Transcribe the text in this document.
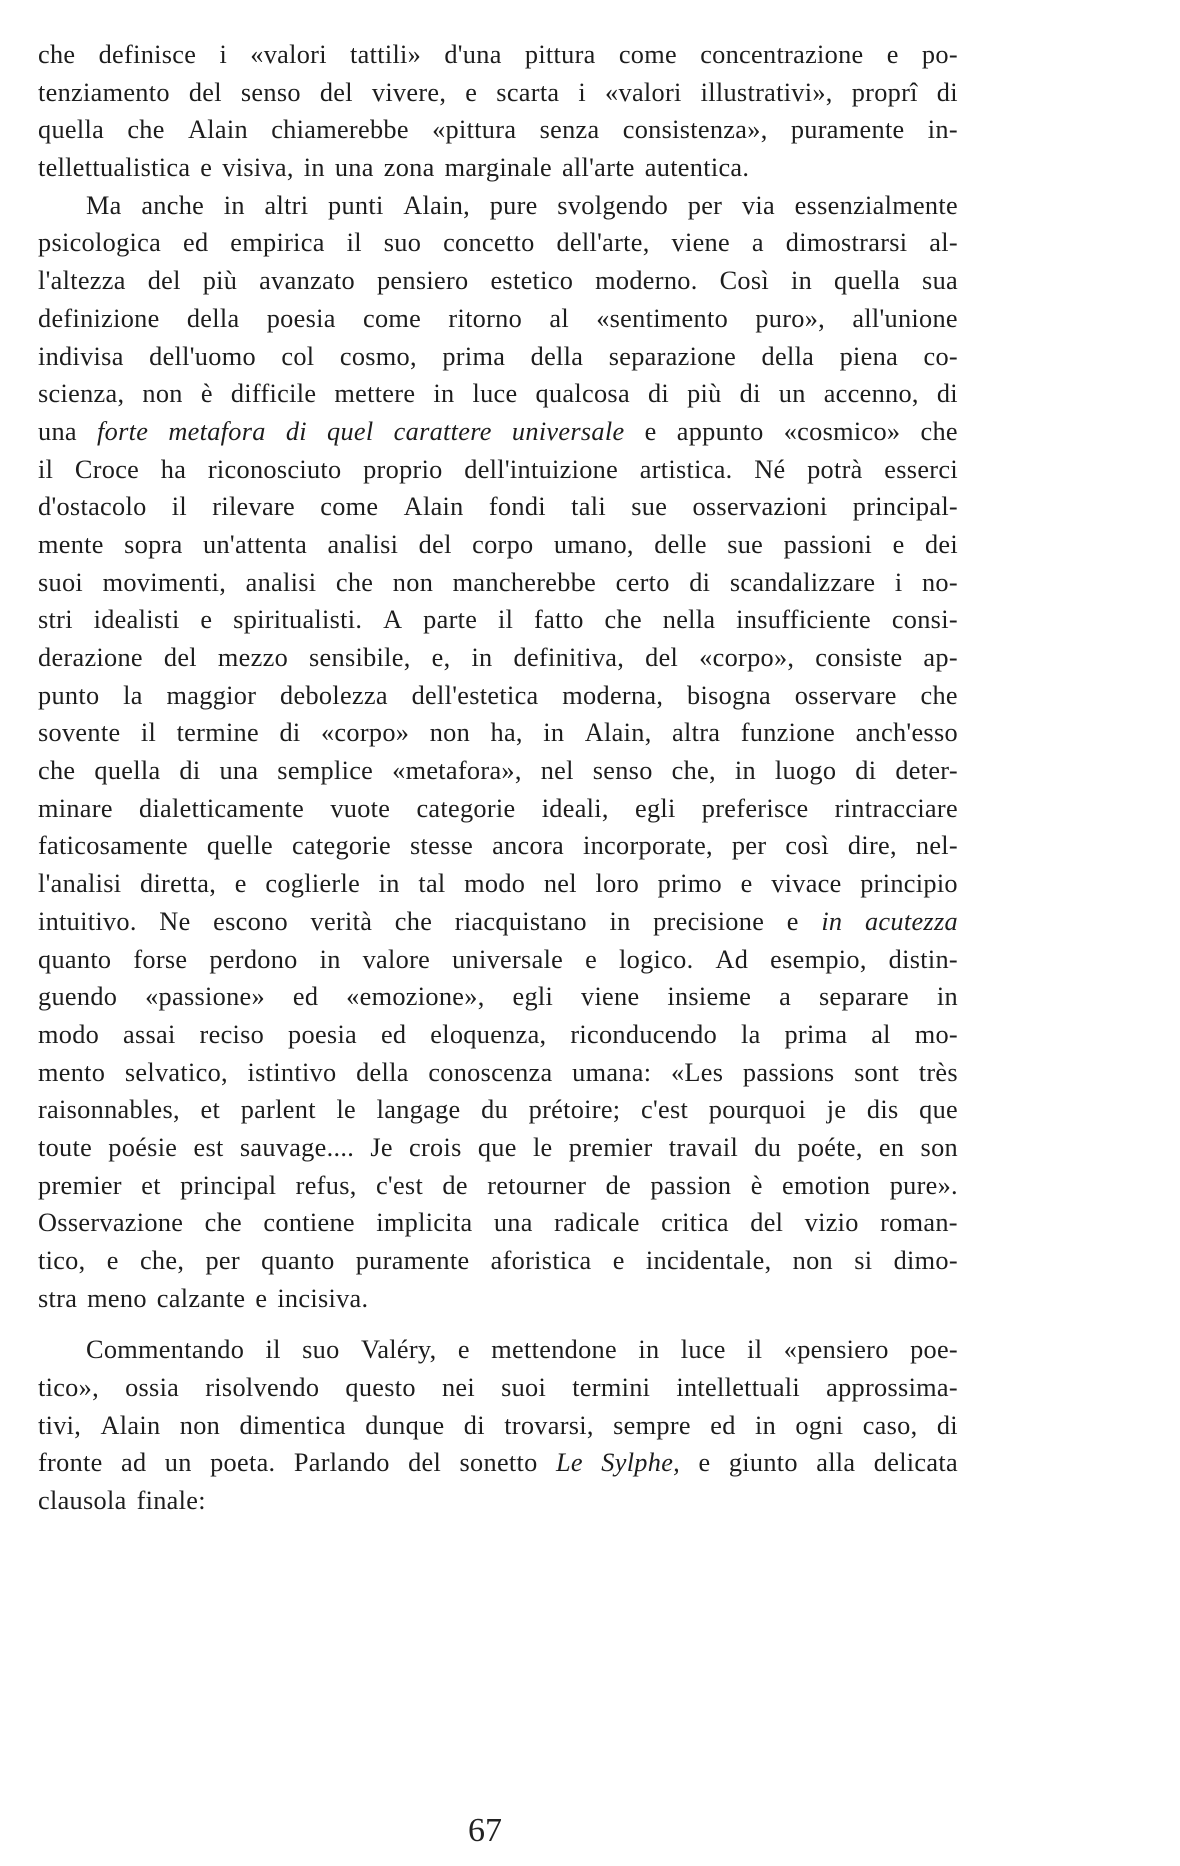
che definisce i «valori tattili» d'una pittura come concentrazione e po-
tenziamento del senso del vivere, e scarta i «valori illustrativi», proprî di
quella che Alain chiamerebbe «pittura senza consistenza», puramente in-
tellettualistica e visiva, in una zona marginale all'arte autentica.
Ma anche in altri punti Alain, pure svolgendo per via essenzialmente
psicologica ed empirica il suo concetto dell'arte, viene a dimostrarsi al-
l'altezza del più avanzato pensiero estetico moderno. Così in quella sua
definizione della poesia come ritorno al «sentimento puro», all'unione
indivisa dell'uomo col cosmo, prima della separazione della piena co-
scienza, non è difficile mettere in luce qualcosa di più di un accenno, di
una forte metafora di quel carattere universale e appunto «cosmico» che
il Croce ha riconosciuto proprio dell'intuizione artistica. Né potrà esserci
d'ostacolo il rilevare come Alain fondi tali sue osservazioni principal-
mente sopra un'attenta analisi del corpo umano, delle sue passioni e dei
suoi movimenti, analisi che non mancherebbe certo di scandalizzare i no-
stri idealisti e spiritualisti. A parte il fatto che nella insufficiente consi-
derazione del mezzo sensibile, e, in definitiva, del «corpo», consiste ap-
punto la maggior debolezza dell'estetica moderna, bisogna osservare che
sovente il termine di «corpo» non ha, in Alain, altra funzione anch'esso
che quella di una semplice «metafora», nel senso che, in luogo di deter-
minare dialetticamente vuote categorie ideali, egli preferisce rintracciare
faticosamente quelle categorie stesse ancora incorporate, per così dire, nel-
l'analisi diretta, e coglierle in tal modo nel loro primo e vivace principio
intuitivo. Ne escono verità che riacquistano in precisione e in acutezza
quanto forse perdono in valore universale e logico. Ad esempio, distin-
guendo «passione» ed «emozione», egli viene insieme a separare in
modo assai reciso poesia ed eloquenza, riconducendo la prima al mo-
mento selvatico, istintivo della conoscenza umana: «Les passions sont très
raisonnables, et parlent le langage du prétoire; c'est pourquoi je dis que
toute poésie est sauvage.... Je crois que le premier travail du poéte, en son
premier et principal refus, c'est de retourner de passion è emotion pure».
Osservazione che contiene implicita una radicale critica del vizio roman-
tico, e che, per quanto puramente aforistica e incidentale, non si dimo-
stra meno calzante e incisiva.
Commentando il suo Valéry, e mettendone in luce il «pensiero poe-
tico», ossia risolvendo questo nei suoi termini intellettuali approssima-
tivi, Alain non dimentica dunque di trovarsi, sempre ed in ogni caso, di
fronte ad un poeta. Parlando del sonetto Le Sylphe, e giunto alla delicata
clausola finale:
67
